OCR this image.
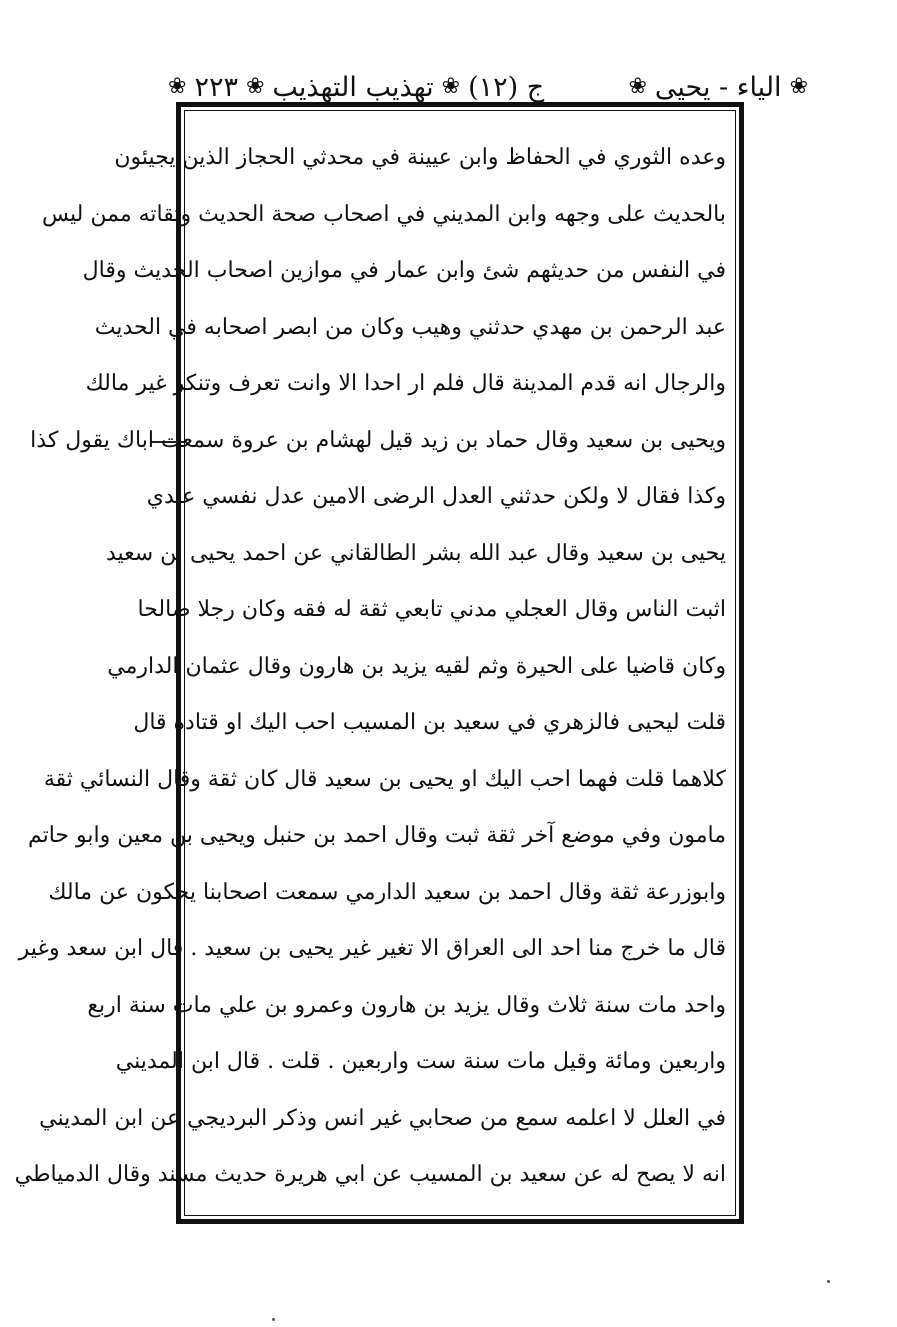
ج (١٢)
❀
تهذيب التهذيب
❀
٢٢٣
❀	❀
الياء - يحيى
❀
وعده الثوري في الحفاظ وابن عيينة في محدثي الحجاز الذين يجيئون
بالحديث على وجهه وابن المديني في اصحاب صحة الحديث وثقاته ممن ليس
في النفس من حديثهم شئ وابن عمار في موازين اصحاب الحديث وقال
عبد الرحمن بن مهدي حدثني وهيب وكان من ابصر اصحابه في الحديث
والرجال انه قدم المدينة قال فلم ار احدا الا وانت تعرف وتنكر غير مالك
ويحيى بن سعيد وقال حماد بن زيد قيل لهشام بن عروة سمعت اباك يقول كذا
وكذا فقال لا ولكن حدثني العدل الرضى الامين عدل نفسي عندي
يحيى بن سعيد وقال عبد الله بشر الطالقاني عن احمد يحيى بن سعيد
اثبت الناس وقال العجلي مدني تابعي ثقة له فقه وكان رجلا صالحا
وكان قاضيا على الحيرة وثم لقيه يزيد بن هارون وقال عثمان الدارمي
قلت ليحيى فالزهري في سعيد بن المسيب احب اليك او قتادة قال
كلاهما قلت فهما احب اليك او يحيى بن سعيد قال كان ثقة وقال النسائي ثقة
مامون وفي موضع آخر ثقة ثبت وقال احمد بن حنبل ويحيى بن معين وابو حاتم
وابوزرعة ثقة وقال احمد بن سعيد الدارمي سمعت اصحابنا يحكون عن مالك
قال ما خرج منا احد الى العراق الا تغير غير يحيى بن سعيد . قال ابن سعد وغير
واحد مات سنة ثلاث وقال يزيد بن هارون وعمرو بن علي مات سنة اربع
واربعين ومائة وقيل مات سنة ست واربعين . قلت . قال ابن المديني
في العلل لا اعلمه سمع من صحابي غير انس وذكر البرديجي عن ابن المديني
انه لا يصح له عن سعيد بن المسيب عن ابي هريرة حديث مسند وقال الدمياطي
